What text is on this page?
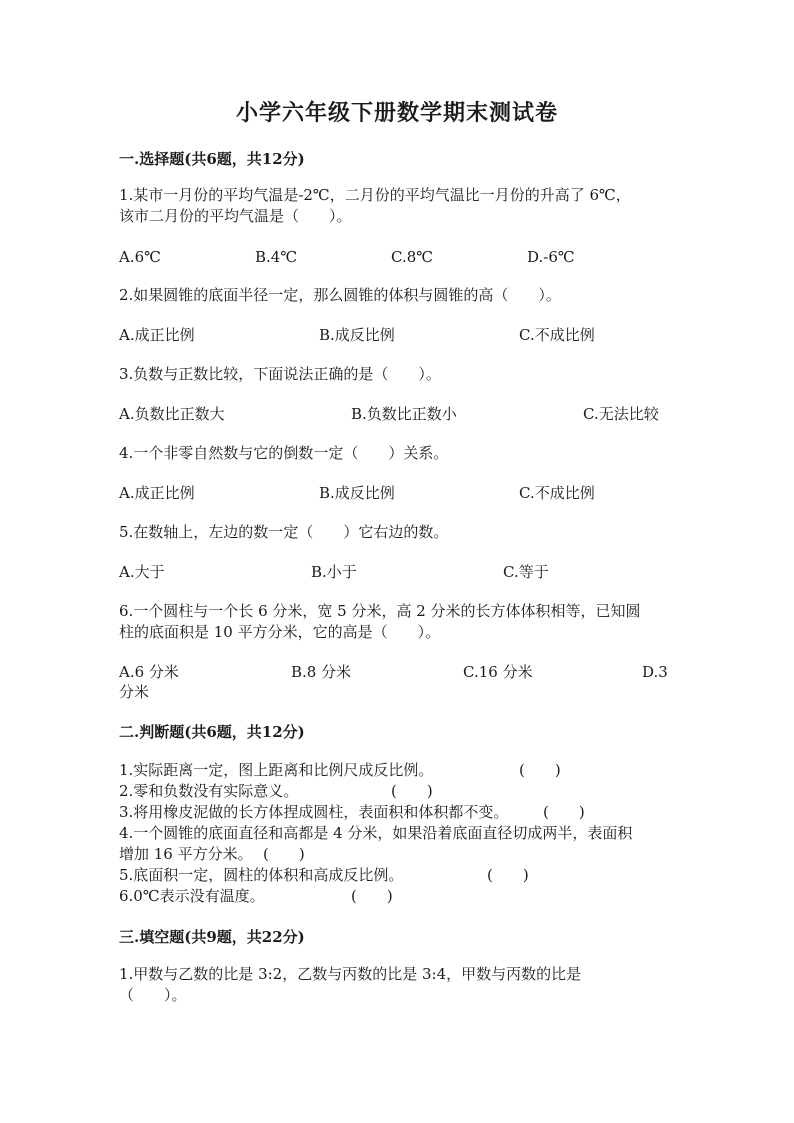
小学六年级下册数学期末测试卷
一.选择题(共6题，共12分)
1.某市一月份的平均气温是-2℃，二月份的平均气温比一月份的升高了 6℃，
该市二月份的平均气温是（　　）。
A.6℃	B.4℃	C.8℃	D.-6℃
2.如果圆锥的底面半径一定，那么圆锥的体积与圆锥的高（　　）。
A.成正比例	B.成反比例	C.不成比例
3.负数与正数比较，下面说法正确的是（　　）。
A.负数比正数大	B.负数比正数小	C.无法比较
4.一个非零自然数与它的倒数一定（　　）关系。
A.成正比例	B.成反比例	C.不成比例
5.在数轴上，左边的数一定（　　）它右边的数。
A.大于	B.小于	C.等于
6.一个圆柱与一个长 6 分米，宽 5 分米，高 2 分米的长方体体积相等，已知圆
柱的底面积是 10 平方分米，它的高是（　　）。
A.6 分米	B.8 分米	C.16 分米	D.3
分米
二.判断题(共6题，共12分)
1.实际距离一定，图上距离和比例尺成反比例。	(　　)
2.零和负数没有实际意义。	(　　)
3.将用橡皮泥做的长方体捏成圆柱，表面积和体积都不变。 (　　)
4.一个圆锥的底面直径和高都是 4 分米，如果沿着底面直径切成两半，表面积
增加 16 平方分米。 (　　)
5.底面积一定，圆柱的体积和高成反比例。	(　　)
6.0℃表示没有温度。	(　　)
三.填空题(共9题，共22分)
1.甲数与乙数的比是 3:2，乙数与丙数的比是 3:4，甲数与丙数的比是
（　　）。
